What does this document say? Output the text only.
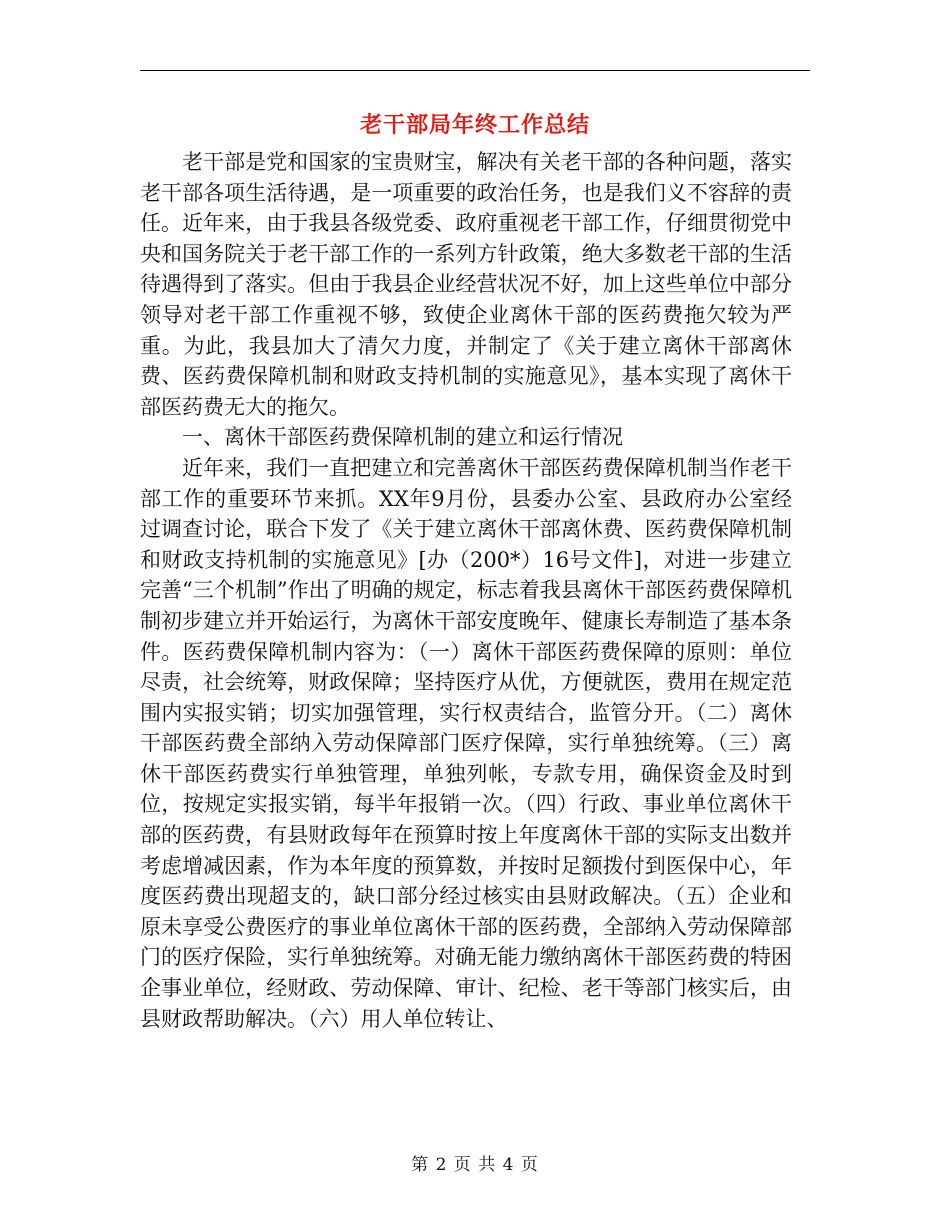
老干部局年终工作总结

老干部是党和国家的宝贵财宝，解决有关老干部的各种问题，落实老干部各项生活待遇，是一项重要的政治任务，也是我们义不容辞的责任。近年来，由于我县各级党委、政府重视老干部工作，仔细贯彻党中央和国务院关于老干部工作的一系列方针政策，绝大多数老干部的生活待遇得到了落实。但由于我县企业经营状况不好，加上这些单位中部分领导对老干部工作重视不够，致使企业离休干部的医药费拖欠较为严重。为此，我县加大了清欠力度，并制定了《关于建立离休干部离休费、医药费保障机制和财政支持机制的实施意见》，基本实现了离休干部医药费无大的拖欠。

一、离休干部医药费保障机制的建立和运行情况

近年来，我们一直把建立和完善离休干部医药费保障机制当作老干部工作的重要环节来抓。XX年9月份，县委办公室、县政府办公室经过调查讨论，联合下发了《关于建立离休干部离休费、医药费保障机制和财政支持机制的实施意见》[办（200*）16号文件]，对进一步建立完善“三个机制”作出了明确的规定，标志着我县离休干部医药费保障机制初步建立并开始运行，为离休干部安度晚年、健康长寿制造了基本条件。医药费保障机制内容为：（一）离休干部医药费保障的原则：单位尽责，社会统筹，财政保障；坚持医疗从优，方便就医，费用在规定范围内实报实销；切实加强管理，实行权责结合，监管分开。（二）离休干部医药费全部纳入劳动保障部门医疗保障，实行单独统筹。（三）离休干部医药费实行单独管理，单独列帐，专款专用，确保资金及时到位，按规定实报实销，每半年报销一次。（四）行政、事业单位离休干部的医药费，有县财政每年在预算时按上年度离休干部的实际支出数并考虑增减因素，作为本年度的预算数，并按时足额拨付到医保中心，年度医药费出现超支的，缺口部分经过核实由县财政解决。（五）企业和原未享受公费医疗的事业单位离休干部的医药费，全部纳入劳动保障部门的医疗保险，实行单独统筹。对确无能力缴纳离休干部医药费的特困企事业单位，经财政、劳动保障、审计、纪检、老干等部门核实后，由县财政帮助解决。（六）用人单位转让、

第 2 页 共 4 页
